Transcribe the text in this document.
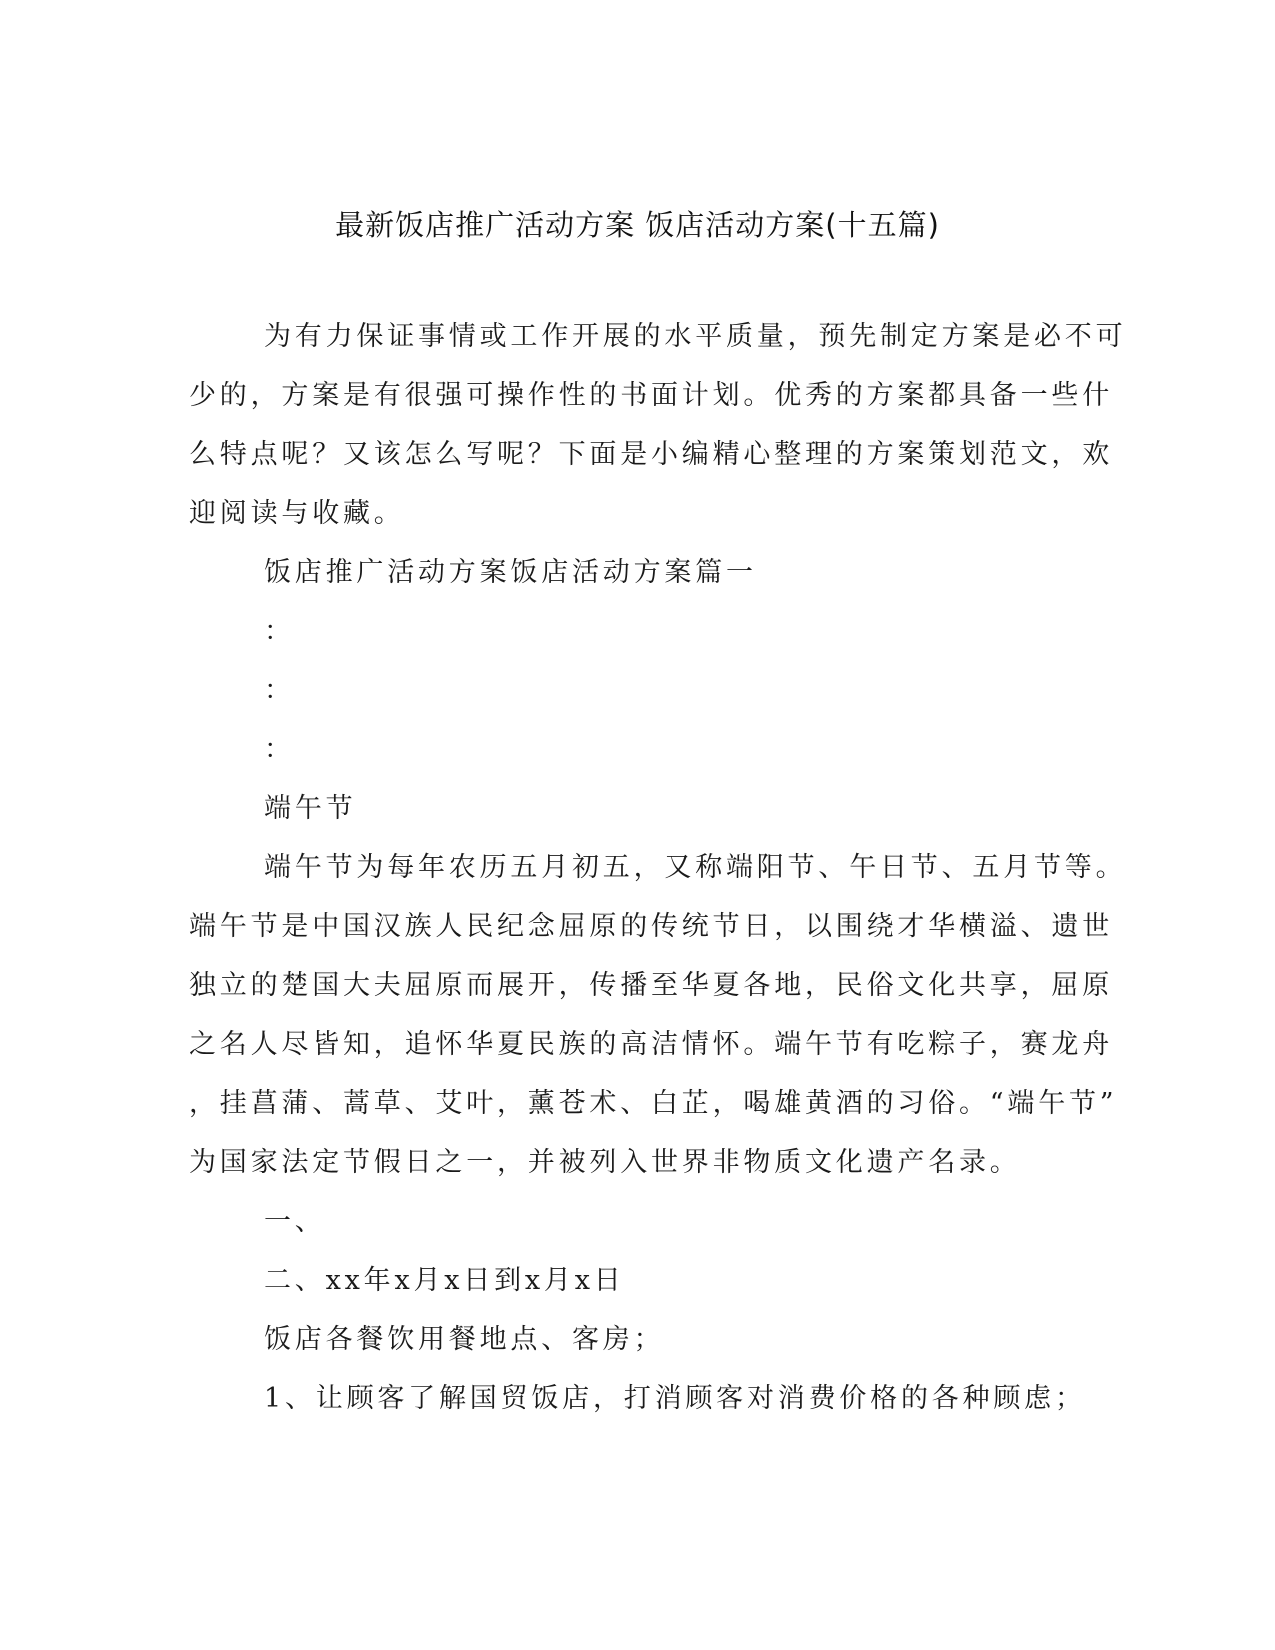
最新饭店推广活动方案 饭店活动方案(十五篇)
为有力保证事情或工作开展的水平质量，预先制定方案是必不可
少的，方案是有很强可操作性的书面计划。优秀的方案都具备一些什
么特点呢？又该怎么写呢？下面是小编精心整理的方案策划范文，欢
迎阅读与收藏。
饭店推广活动方案饭店活动方案篇一
：
：
：
端午节
端午节为每年农历五月初五，又称端阳节、午日节、五月节等。
端午节是中国汉族人民纪念屈原的传统节日，以围绕才华横溢、遗世
独立的楚国大夫屈原而展开，传播至华夏各地，民俗文化共享，屈原
之名人尽皆知，追怀华夏民族的高洁情怀。端午节有吃粽子，赛龙舟
，挂菖蒲、蒿草、艾叶，薰苍术、白芷，喝雄黄酒的习俗。“端午节”
为国家法定节假日之一，并被列入世界非物质文化遗产名录。
一、
二、xx年x月x日到x月x日
饭店各餐饮用餐地点、客房；
1、让顾客了解国贸饭店，打消顾客对消费价格的各种顾虑；
